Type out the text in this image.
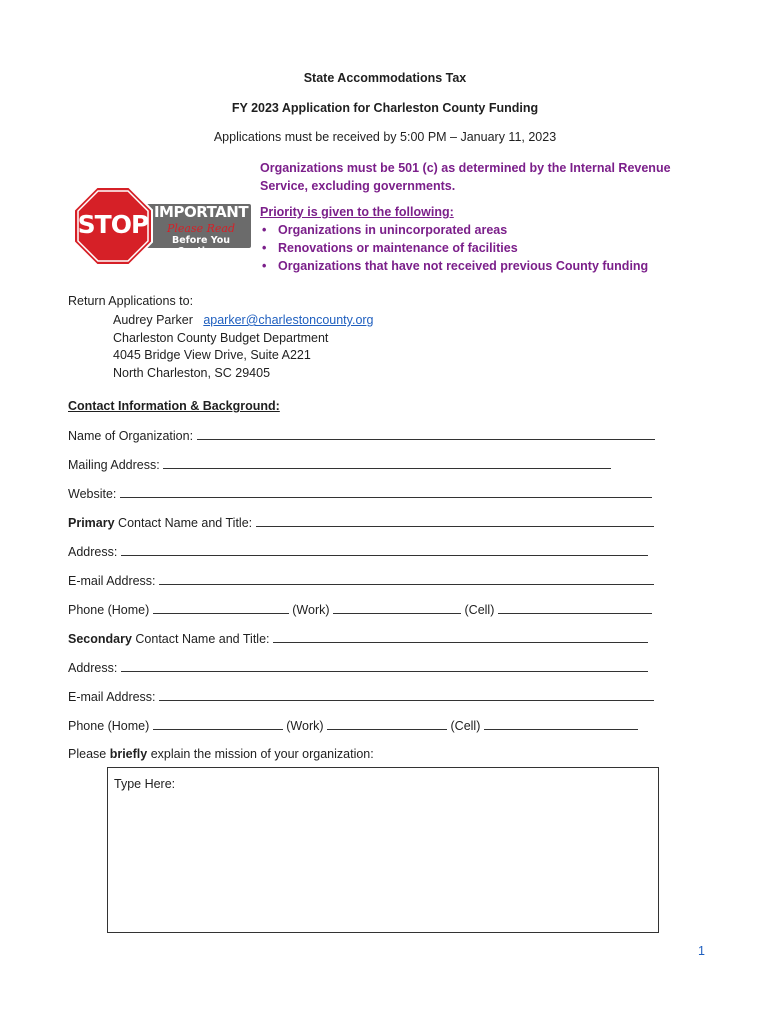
State Accommodations Tax
FY 2023 Application for Charleston County Funding
Applications must be received by 5:00 PM – January 11, 2023
STOP IMPORTANT
Please Read
Before You Continue
Organizations must be 501 (c) as determined by the Internal Revenue
Service, excluding governments.
Priority is given to the following:
• Organizations in unincorporated areas
• Renovations or maintenance of facilities
• Organizations that have not received previous County funding
Return Applications to:
Audrey Parker aparker@charlestoncounty.org
Charleston County Budget Department
4045 Bridge View Drive, Suite A221
North Charleston, SC 29405
Contact Information & Background:
Name of Organization:
Mailing Address:
Website:
Primary Contact Name and Title:
Address:
E-mail Address:
Phone (Home)	(Work)	(Cell)
Secondary Contact Name and Title:
Address:
E-mail Address:
Phone (Home)	(Work)	(Cell)
Please briefly explain the mission of your organization:
Type Here:
1
